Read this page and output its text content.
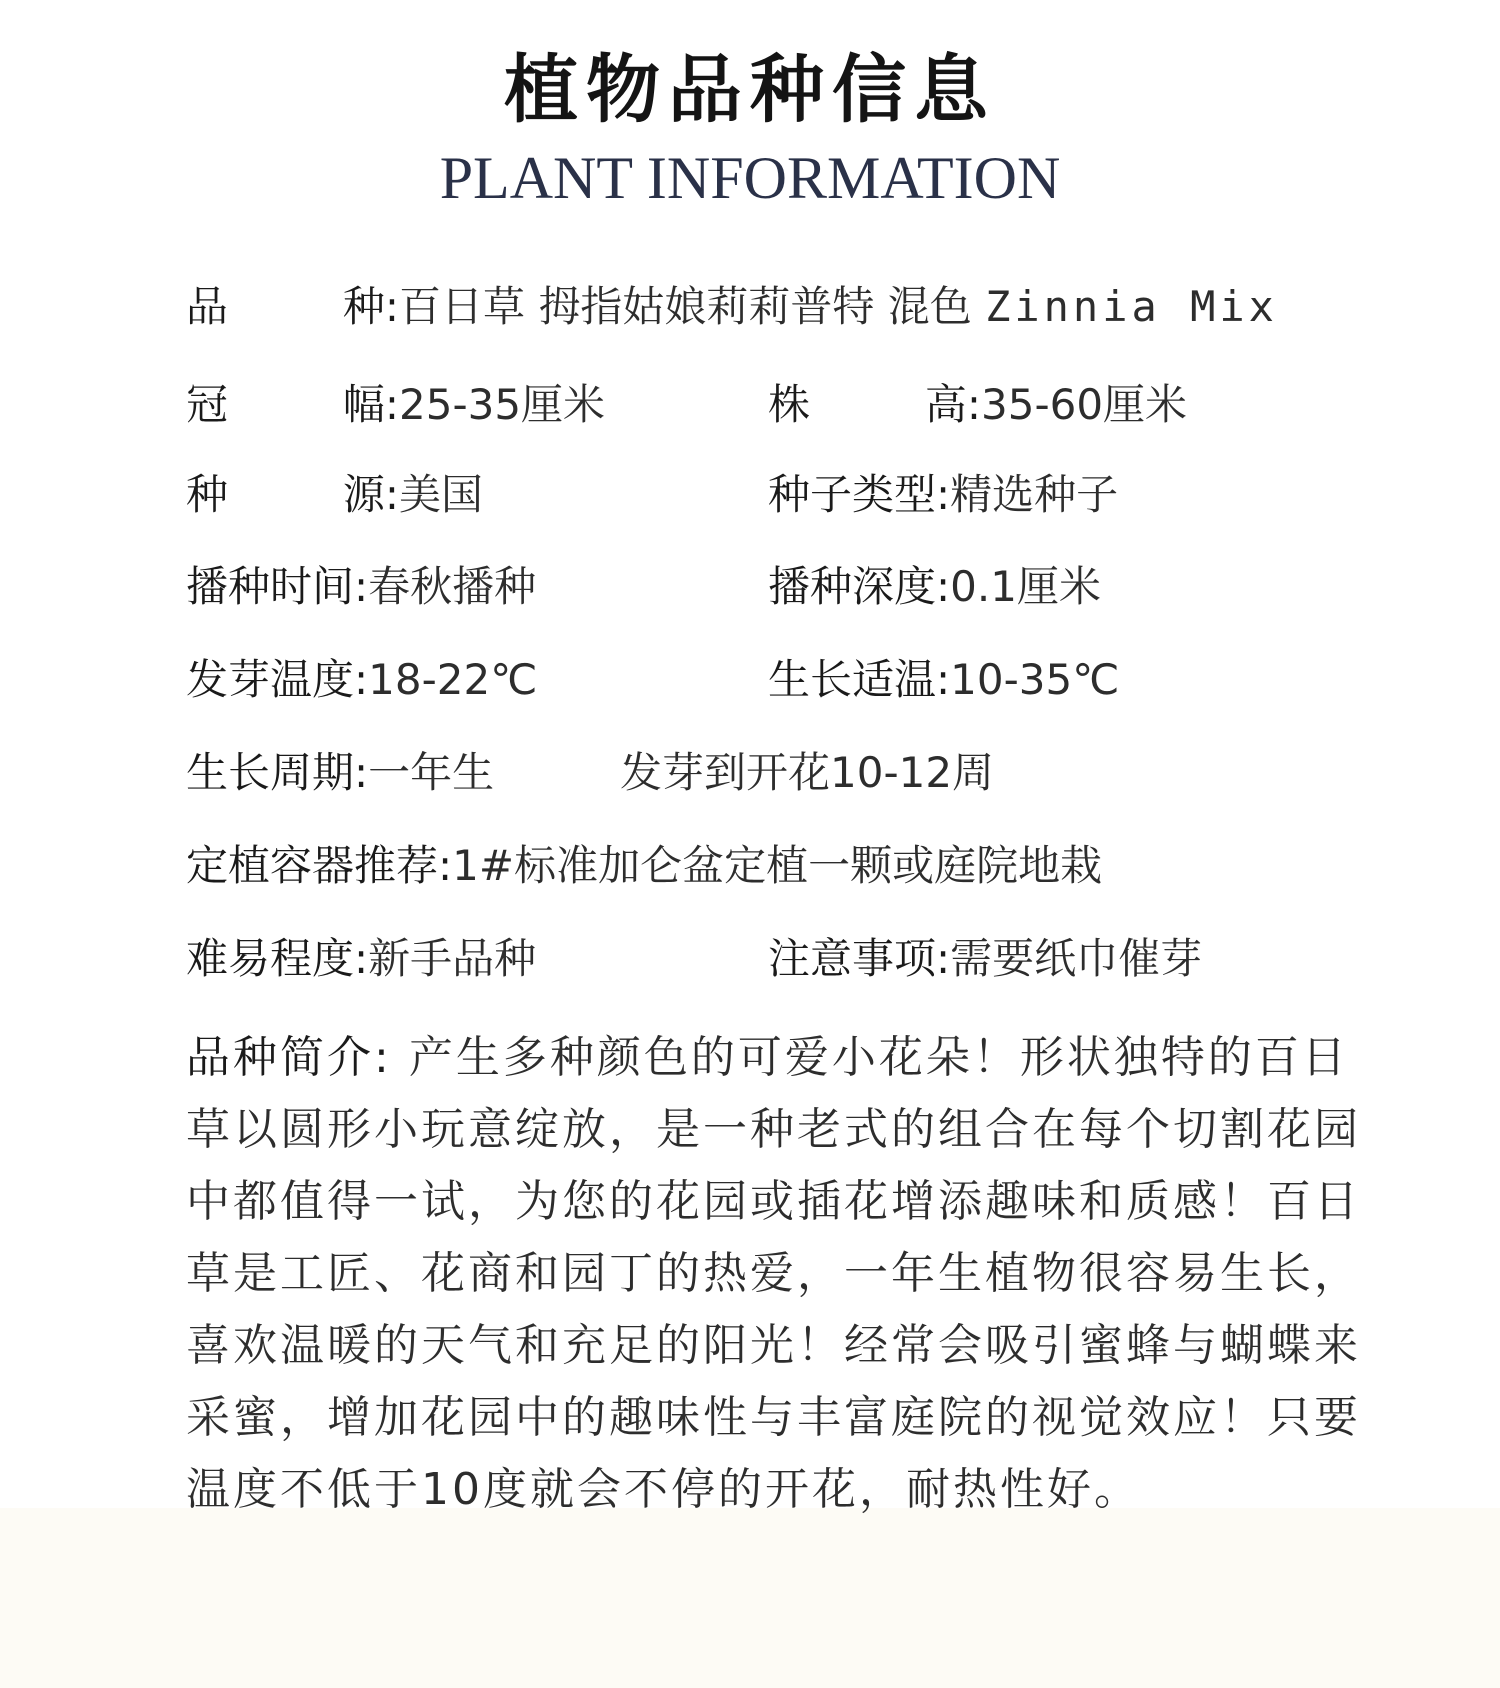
植物品种信息
PLANT INFORMATION
品	种: 百日草 拇指姑娘莉莉普特 混色 Zinnia Mix
冠	幅: 25-35厘米	株	高: 35-60厘米
种	源: 美国	种子类型:精选种子
播种时间:春秋播种	播种深度:0.1厘米
发芽温度:18-22℃	生长适温:10-35℃
生长周期:一年生	发芽到开花10-12周
定植容器推荐:1#标准加仑盆定植一颗或庭院地栽
难易程度:新手品种	注意事项:需要纸巾催芽
品种简介: 产生多种颜色的可爱小花朵！形状独特的百日草以圆形小玩意绽放，是一种老式的组合在每个切割花园中都值得一试，为您的花园或插花增添趣味和质感！百日草是工匠、花商和园丁的热爱，一年生植物很容易生长，喜欢温暖的天气和充足的阳光！经常会吸引蜜蜂与蝴蝶来采蜜，增加花园中的趣味性与丰富庭院的视觉效应！只要温度不低于10度就会不停的开花，耐热性好。
